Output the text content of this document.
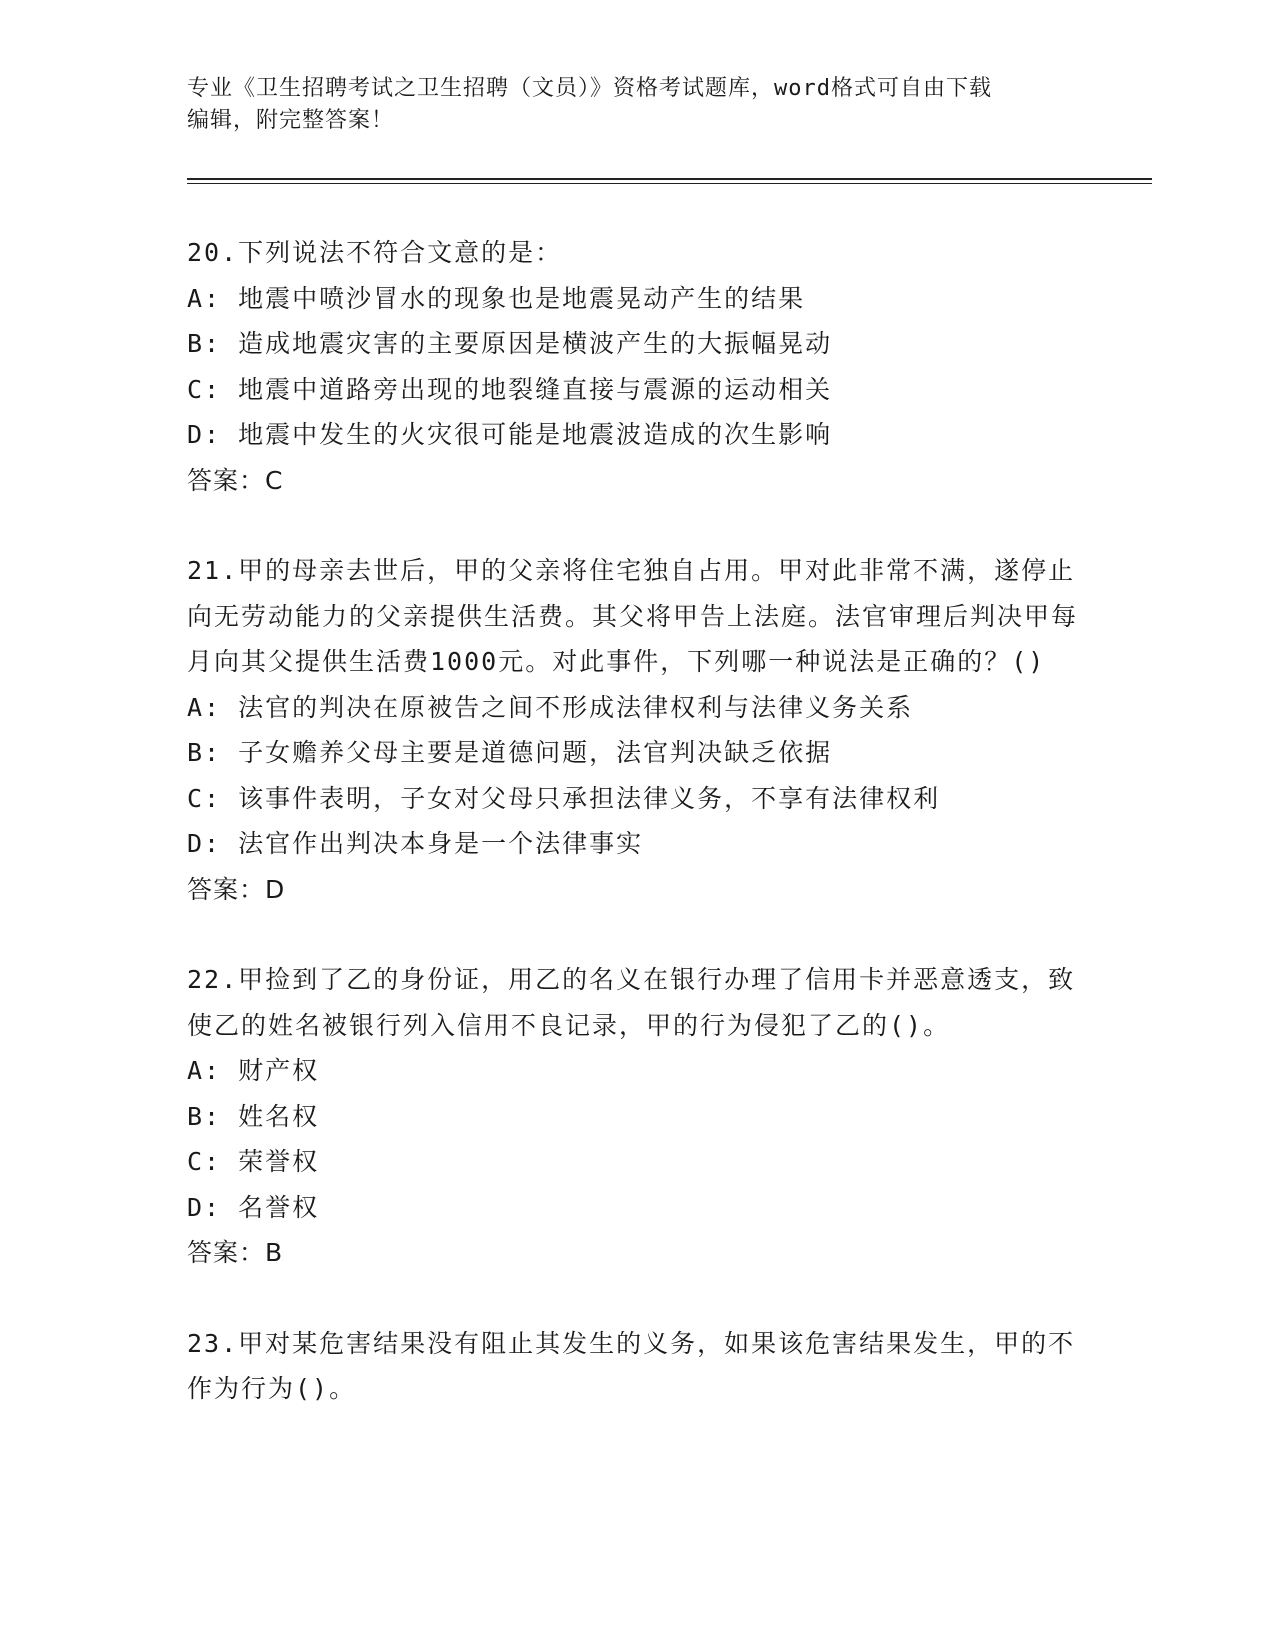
专业《卫生招聘考试之卫生招聘（文员）》资格考试题库，word格式可自由下载
编辑，附完整答案！
20.下列说法不符合文意的是：
A: 地震中喷沙冒水的现象也是地震晃动产生的结果
B: 造成地震灾害的主要原因是横波产生的大振幅晃动
C: 地震中道路旁出现的地裂缝直接与震源的运动相关
D: 地震中发生的火灾很可能是地震波造成的次生影响
答案：C
21.甲的母亲去世后，甲的父亲将住宅独自占用。甲对此非常不满，遂停止向无劳动能力的父亲提供生活费。其父将甲告上法庭。法官审理后判决甲每月向其父提供生活费1000元。对此事件，下列哪一种说法是正确的？()
A: 法官的判决在原被告之间不形成法律权利与法律义务关系
B: 子女赡养父母主要是道德问题，法官判决缺乏依据
C: 该事件表明，子女对父母只承担法律义务，不享有法律权利
D: 法官作出判决本身是一个法律事实
答案：D
22.甲捡到了乙的身份证，用乙的名义在银行办理了信用卡并恶意透支，致使乙的姓名被银行列入信用不良记录，甲的行为侵犯了乙的()。
A: 财产权
B: 姓名权
C: 荣誉权
D: 名誉权
答案：B
23.甲对某危害结果没有阻止其发生的义务，如果该危害结果发生，甲的不作为行为()。
